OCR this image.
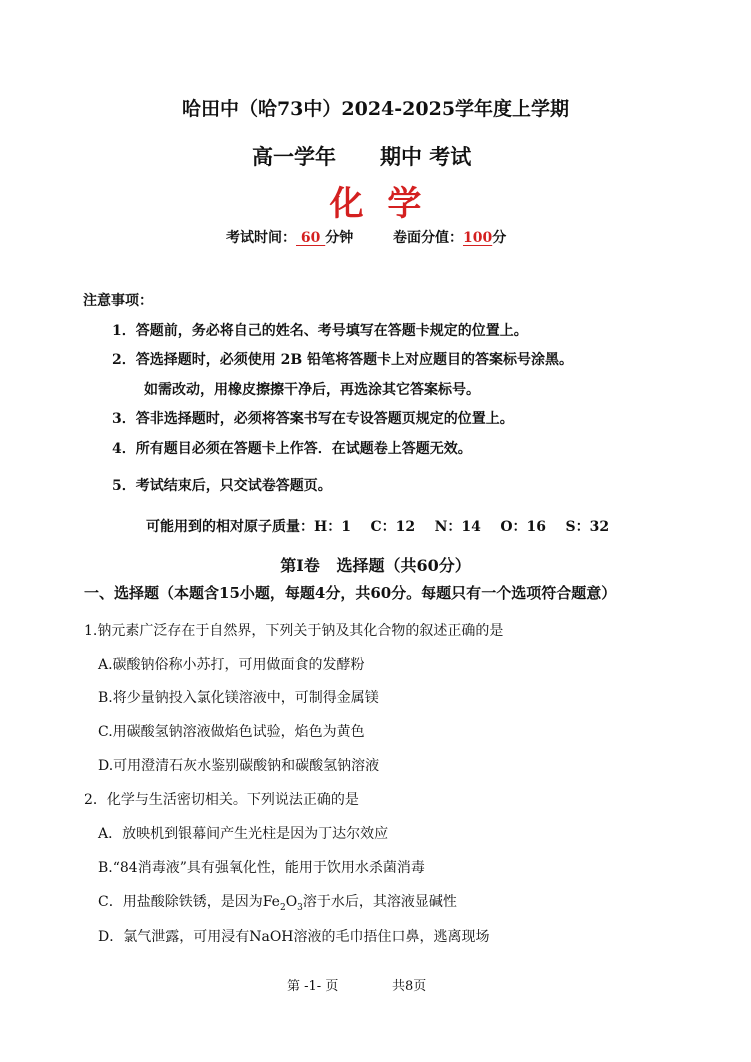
哈田中（哈73中）2024-2025学年度上学期
高一学年 期中 考试
化  学
考试时间： 60 分钟	卷面分值：100分
注意事项：
1．答题前，务必将自己的姓名、考号填写在答题卡规定的位置上。
2．答选择题时，必须使用 2B 铅笔将答题卡上对应题目的答案标号涂黑。
如需改动，用橡皮擦擦干净后，再选涂其它答案标号。
3．答非选择题时，必须将答案书写在专设答题页规定的位置上。
4．所有题目必须在答题卡上作答．在试题卷上答题无效。
5．考试结束后，只交试卷答题页。
可能用到的相对原子质量：H：1    C：12    N：14    O：16    S：32
第Ⅰ卷   选择题（共60分）
一、选择题（本题含15小题，每题4分，共60分。每题只有一个选项符合题意）
1.钠元素广泛存在于自然界，下列关于钠及其化合物的叙述正确的是
A.碳酸钠俗称小苏打，可用做面食的发酵粉
B.将少量钠投入氯化镁溶液中，可制得金属镁
C.用碳酸氢钠溶液做焰色试验，焰色为黄色
D.可用澄清石灰水鉴别碳酸钠和碳酸氢钠溶液
2．化学与生活密切相关。下列说法正确的是
A．放映机到银幕间产生光柱是因为丁达尔效应
B.“84消毒液”具有强氧化性，能用于饮用水杀菌消毒
C．用盐酸除铁锈，是因为$Fe_2O_3$溶于水后，其溶液显碱性
D．氯气泄露，可用浸有NaOH溶液的毛巾捂住口鼻，逃离现场
第 -1- 页	共8页
